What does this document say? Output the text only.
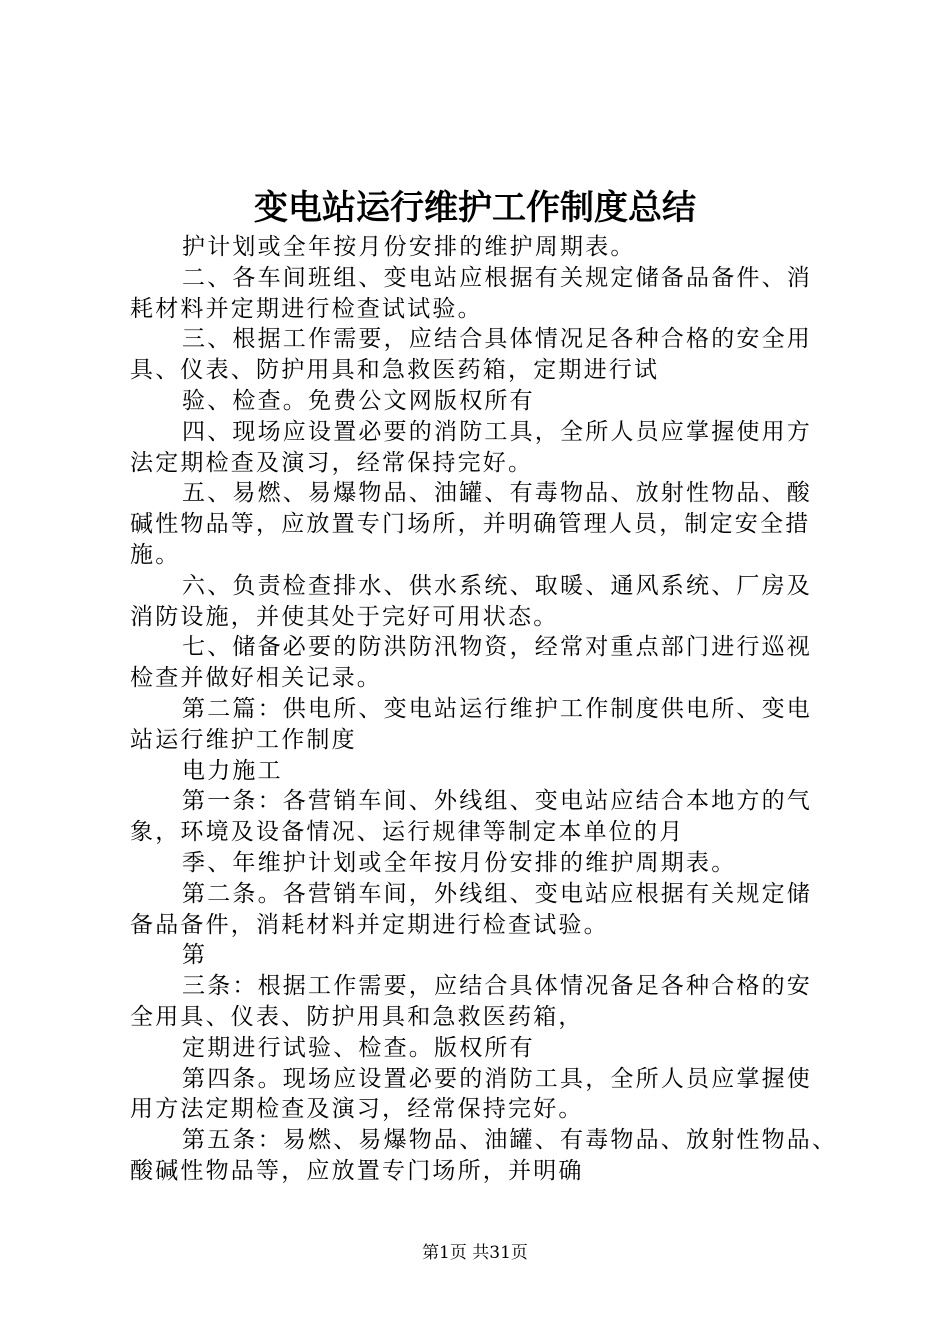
变电站运行维护工作制度总结
护计划或全年按月份安排的维护周期表。
二、各车间班组、变电站应根据有关规定储备品备件、消
耗材料并定期进行检查试试验。
三、根据工作需要，应结合具体情况足各种合格的安全用
具、仪表、防护用具和急救医药箱，定期进行试
验、检查。免费公文网版权所有
四、现场应设置必要的消防工具，全所人员应掌握使用方
法定期检查及演习，经常保持完好。
五、易燃、易爆物品、油罐、有毒物品、放射性物品、酸
碱性物品等，应放置专门场所，并明确管理人员，制定安全措
施。
六、负责检查排水、供水系统、取暖、通风系统、厂房及
消防设施，并使其处于完好可用状态。
七、储备必要的防洪防汛物资，经常对重点部门进行巡视
检查并做好相关记录。
第二篇：供电所、变电站运行维护工作制度供电所、变电
站运行维护工作制度
电力施工
第一条：各营销车间、外线组、变电站应结合本地方的气
象，环境及设备情况、运行规律等制定本单位的月
季、年维护计划或全年按月份安排的维护周期表。
第二条。各营销车间，外线组、变电站应根据有关规定储
备品备件，消耗材料并定期进行检查试验。
第
三条：根据工作需要，应结合具体情况备足各种合格的安
全用具、仪表、防护用具和急救医药箱，
定期进行试验、检查。版权所有
第四条。现场应设置必要的消防工具，全所人员应掌握使
用方法定期检查及演习，经常保持完好。
第五条：易燃、易爆物品、油罐、有毒物品、放射性物品、
酸碱性物品等，应放置专门场所，并明确
第1页 共31页
